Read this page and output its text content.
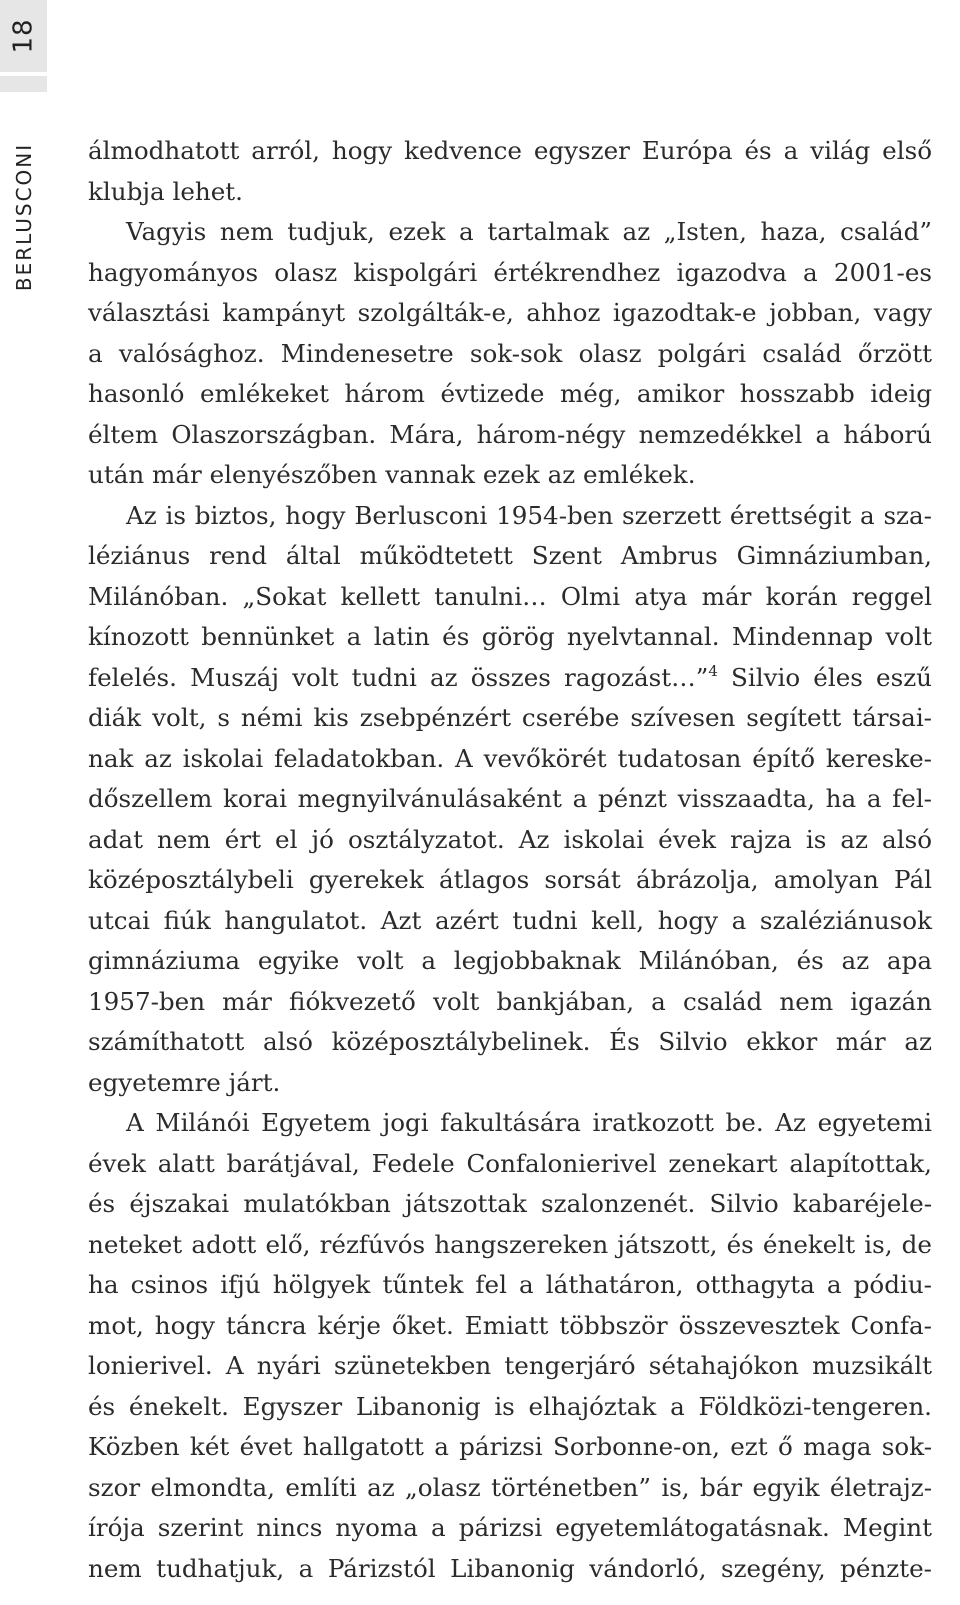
18
BERLUSCONI álmodhatott arról, hogy kedvence egyszer Európa és a világ első
klubja lehet.
Vagyis nem tudjuk, ezek a tartalmak az „Isten, haza, család”
hagyományos olasz kispolgári értékrendhez igazodva a 2001-es
választási kampányt szolgálták-e, ahhoz igazodtak-e jobban, vagy
a valósághoz. Mindenesetre sok-sok olasz polgári család őrzött
hasonló emlékeket három évtizede még, amikor hosszabb ideig
éltem Olaszországban. Mára, három-négy nemzedékkel a háború
után már elenyészőben vannak ezek az emlékek.
Az is biztos, hogy Berlusconi 1954-ben szerzett érettségit a sza-
léziánus rend által működtetett Szent Ambrus Gimnáziumban,
Milánóban. „Sokat kellett tanulni… Olmi atya már korán reggel
kínozott bennünket a latin és görög nyelvtannal. Mindennap volt
felelés. Muszáj volt tudni az összes ragozást…”$^4$ Silvio éles eszű
diák volt, s némi kis zsebpénzért cserébe szívesen segített társai-
nak az iskolai feladatokban. A vevőkörét tudatosan építő kereske-
dőszellem korai megnyilvánulásaként a pénzt visszaadta, ha a fel-
adat nem ért el jó osztályzatot. Az iskolai évek rajza is az alsó
középosztálybeli gyerekek átlagos sorsát ábrázolja, amolyan Pál
utcai fiúk hangulatot. Azt azért tudni kell, hogy a szaléziánusok
gimnáziuma egyike volt a legjobbaknak Milánóban, és az apa
1957-ben már fiókvezető volt bankjában, a család nem igazán
számíthatott alsó középosztálybelinek. És Silvio ekkor már az
egyetemre járt.
A Milánói Egyetem jogi fakultására iratkozott be. Az egyetemi
évek alatt barátjával, Fedele Confalonierivel zenekart alapítottak,
és éjszakai mulatókban játszottak szalonzenét. Silvio kabaréjele-
neteket adott elő, rézfúvós hangszereken játszott, és énekelt is, de
ha csinos ifjú hölgyek tűntek fel a láthatáron, otthagyta a pódiu-
mot, hogy táncra kérje őket. Emiatt többször összevesztek Confa-
lonierivel. A nyári szünetekben tengerjáró sétahajókon muzsikált
és énekelt. Egyszer Libanonig is elhajóztak a Földközi-tengeren.
Közben két évet hallgatott a párizsi Sorbonne-on, ezt ő maga sok-
szor elmondta, említi az „olasz történetben” is, bár egyik életrajz-
írója szerint nincs nyoma a párizsi egyetemlátogatásnak. Megint
nem tudhatjuk, a Párizstól Libanonig vándorló, szegény, pénzte-
